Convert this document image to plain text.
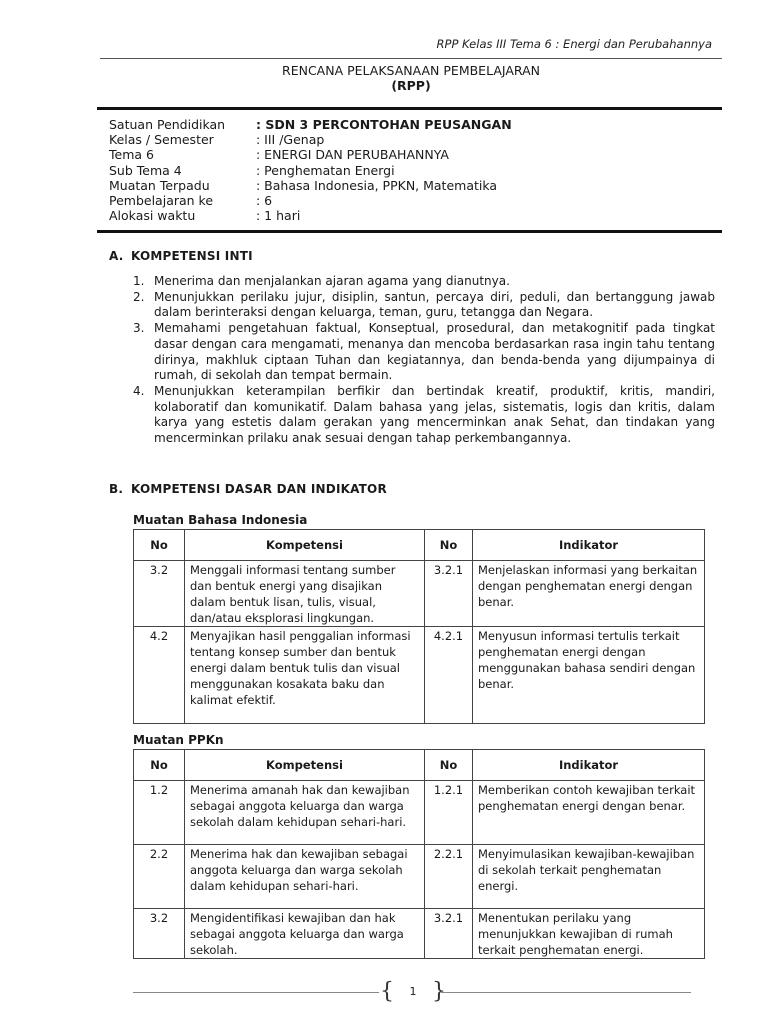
RPP Kelas III Tema 6 : Energi dan Perubahannya
RENCANA PELAKSANAAN PEMBELAJARAN
(RPP)
Satuan Pendidikan	: SDN 3 PERCONTOHAN PEUSANGAN
Kelas / Semester	: III /Genap
Tema 6	: ENERGI DAN PERUBAHANNYA
Sub Tema 4	: Penghematan Energi
Muatan Terpadu	: Bahasa Indonesia, PPKN, Matematika
Pembelajaran ke	: 6
Alokasi waktu	: 1 hari
A. KOMPETENSI INTI
1. Menerima dan menjalankan ajaran agama yang dianutnya.
2. Menunjukkan perilaku jujur, disiplin, santun, percaya diri, peduli, dan bertanggung jawab dalam berinteraksi dengan keluarga, teman, guru, tetangga dan Negara.
3. Memahami pengetahuan faktual, Konseptual, prosedural, dan metakognitif pada tingkat dasar dengan cara mengamati, menanya dan mencoba berdasarkan rasa ingin tahu tentang dirinya, makhluk ciptaan Tuhan dan kegiatannya, dan benda-benda yang dijumpainya di rumah, di sekolah dan tempat bermain.
4. Menunjukkan keterampilan berfikir dan bertindak kreatif, produktif, kritis, mandiri, kolaboratif dan komunikatif. Dalam bahasa yang jelas, sistematis, logis dan kritis, dalam karya yang estetis dalam gerakan yang mencerminkan anak Sehat, dan tindakan yang mencerminkan prilaku anak sesuai dengan tahap perkembangannya.
B. KOMPETENSI DASAR DAN INDIKATOR
Muatan Bahasa Indonesia
No	Kompetensi	No	Indikator
3.2	Menggali informasi tentang sumber dan bentuk energi yang disajikan dalam bentuk lisan, tulis, visual, dan/atau eksplorasi lingkungan.	3.2.1	Menjelaskan informasi yang berkaitan dengan penghematan energi dengan benar.
4.2	Menyajikan hasil penggalian informasi tentang konsep sumber dan bentuk energi dalam bentuk tulis dan visual menggunakan kosakata baku dan kalimat efektif.	4.2.1	Menyusun informasi tertulis terkait penghematan energi dengan menggunakan bahasa sendiri dengan benar.
Muatan PPKn
No	Kompetensi	No	Indikator
1.2	Menerima amanah hak dan kewajiban sebagai anggota keluarga dan warga sekolah dalam kehidupan sehari-hari.	1.2.1	Memberikan contoh kewajiban terkait penghematan energi dengan benar.
2.2	Menerima hak dan kewajiban sebagai anggota keluarga dan warga sekolah dalam kehidupan sehari-hari.	2.2.1	Menyimulasikan kewajiban-kewajiban di sekolah terkait penghematan energi.
3.2	Mengidentifikasi kewajiban dan hak sebagai anggota keluarga dan warga sekolah.	3.2.1	Menentukan perilaku yang menunjukkan kewajiban di rumah terkait penghematan energi.
{	1 }
